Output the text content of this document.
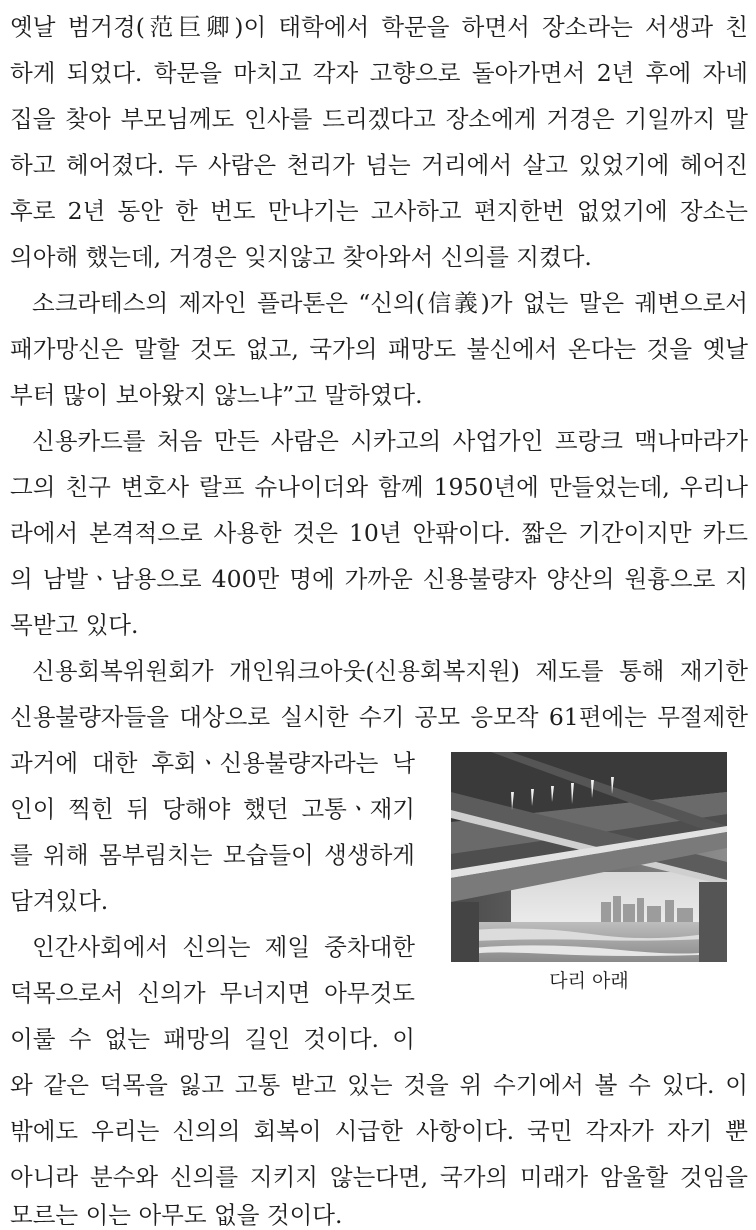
옛날 범거경(范巨卿)이 태학에서 학문을 하면서 장소라는 서생과 친
하게 되었다. 학문을 마치고 각자 고향으로 돌아가면서 2년 후에 자네
집을 찾아 부모님께도 인사를 드리겠다고 장소에게 거경은 기일까지 말
하고 헤어졌다. 두 사람은 천리가 넘는 거리에서 살고 있었기에 헤어진
후로 2년 동안 한 번도 만나기는 고사하고 편지한번 없었기에 장소는
의아해 했는데, 거경은 잊지않고 찾아와서 신의를 지켰다.
소크라테스의 제자인 플라톤은 “신의(信義)가 없는 말은 궤변으로서
패가망신은 말할 것도 없고, 국가의 패망도 불신에서 온다는 것을 옛날
부터 많이 보아왔지 않느냐”고 말하였다.
신용카드를 처음 만든 사람은 시카고의 사업가인 프랑크 맥나마라가
그의 친구 변호사 랄프 슈나이더와 함께 1950년에 만들었는데, 우리나
라에서 본격적으로 사용한 것은 10년 안팎이다. 짧은 기간이지만 카드
의 남발ㆍ남용으로 400만 명에 가까운 신용불량자 양산의 원흉으로 지
목받고 있다.
신용회복위원회가 개인워크아웃(신용회복지원) 제도를 통해 재기한
신용불량자들을 대상으로 실시한 수기 공모 응모작 61편에는 무절제한
과거에 대한 후회ㆍ신용불량자라는 낙
인이 찍힌 뒤 당해야 했던 고통ㆍ재기
를 위해 몸부림치는 모습들이 생생하게
담겨있다.
인간사회에서 신의는 제일 중차대한
덕목으로서 신의가 무너지면 아무것도
이룰 수 없는 패망의 길인 것이다. 이
와 같은 덕목을 잃고 고통 받고 있는 것을 위 수기에서 볼 수 있다. 이
밖에도 우리는 신의의 회복이 시급한 사항이다. 국민 각자가 자기 뿐
아니라 분수와 신의를 지키지 않는다면, 국가의 미래가 암울할 것임을
모르는 이는 아무도 없을 것이다.
다리 아래
